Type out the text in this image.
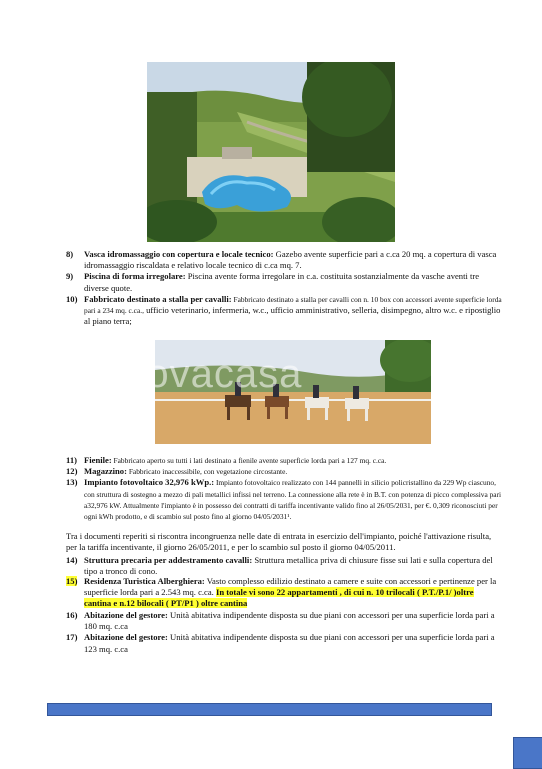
8)	Vasca idromassaggio con copertura e locale tecnico: Gazebo avente superficie pari a c.ca 20 mq. a copertura di vasca idromassaggio riscaldata e relativo locale tecnico di c.ca mq. 7.
9)	Piscina di forma irregolare: Piscina avente forma irregolare in c.a. costituita sostanzialmente da vasche aventi tre diverse quote.
10) Fabbricato destinato a stalla per cavalli: Fabbricato destinato a stalla per cavalli con n. 10 box con accessori avente superficie lorda pari a 234 mq. c.ca., ufficio veterinario, infermeria, w.c., ufficio amministrativo, selleria, disimpegno, altro w.c. e ripostiglio al piano terra;
trovacasa
11) Fienile: Fabbricato aperto su tutti i lati destinato a fienile avente superficie lorda pari a 127 mq. c.ca.
12) Magazzino: Fabbricato inaccessibile, con vegetazione circostante.
13) Impianto fotovoltaico 32,976 kWp.: Impianto fotovoltaico realizzato con 144 pannelli in silicio policristallino da 229 Wp ciascuno, con struttura di sostegno a mezzo di pali metallici infissi nel terreno. La connessione alla rete è in B.T. con potenza di picco complessiva pari a32,976 kW. Attualmente l'impianto è in possesso dei contratti di tariffa incentivante valido fino al 26/05/2031, per €. 0,309 riconosciuti per ogni kWh prodotto, e di scambio sul posto fino al giorno 04/05/2031¹.
Tra i documenti reperiti si riscontra incongruenza nelle date di entrata in esercizio dell'impianto, poiché l'attivazione risulta, per la tariffa incentivante, il giorno 26/05/2011, e per lo scambio sul posto il giorno 04/05/2011.
14) Struttura precaria per addestramento cavalli: Struttura metallica priva di chiusure fisse sui lati e sulla copertura del tipo a tronco di cono.
15) Residenza Turistica Alberghiera: Vasto complesso edilizio destinato a camere e suite con accessori e pertinenze per la superficie lorda pari a 2.543 mq. c.ca. In totale vi sono 22 appartamenti , di cui n. 10 trilocali ( P.T./P.1/ )oltre cantina e n.12 bilocali ( PT/P1 ) oltre cantina
16) Abitazione del gestore: Unità abitativa indipendente disposta su due piani con accessori per una superficie lorda pari a 180 mq. c.ca
17) Abitazione del gestore: Unità abitativa indipendente disposta su due piani con accessori per una superficie lorda pari a 123 mq. c.ca
